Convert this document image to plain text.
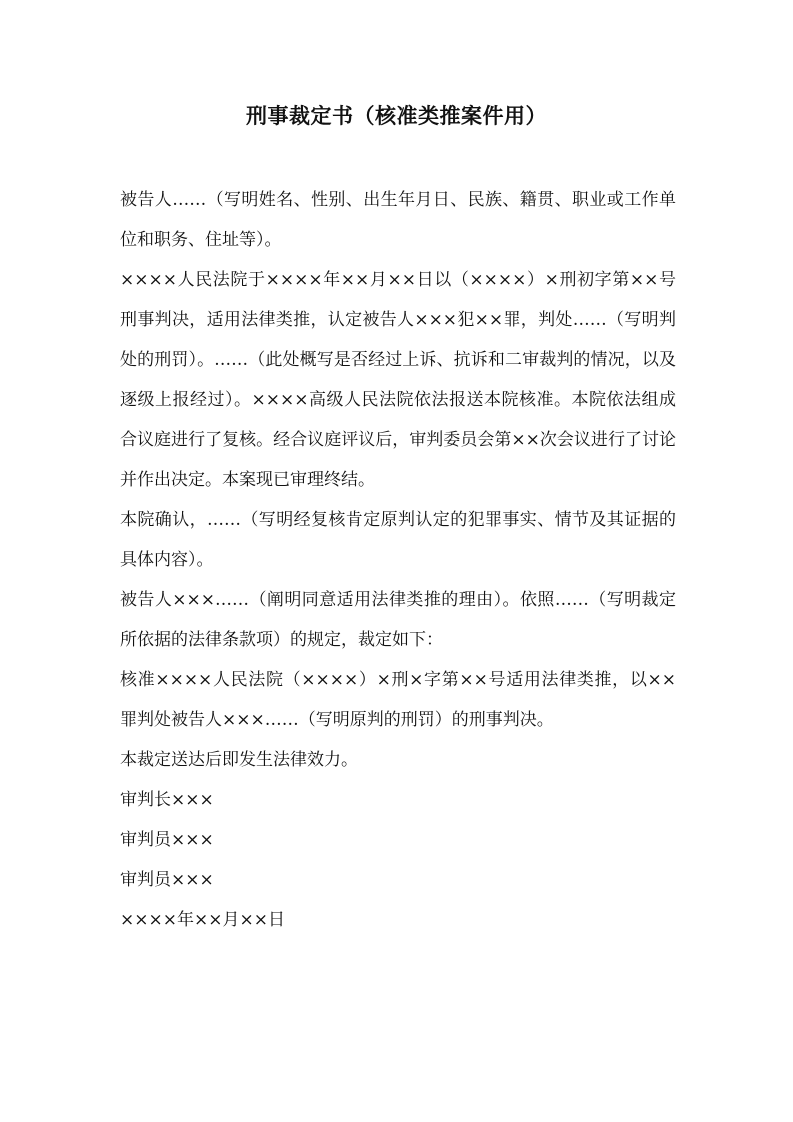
刑事裁定书（核准类推案件用）

被告人……（写明姓名、性别、出生年月日、民族、籍贯、职业或工作单位和职务、住址等）。

××××人民法院于××××年××月××日以（××××）×刑初字第××号刑事判决，适用法律类推，认定被告人×××犯××罪，判处……（写明判处的刑罚）。……（此处概写是否经过上诉、抗诉和二审裁判的情况，以及逐级上报经过）。××××高级人民法院依法报送本院核准。本院依法组成合议庭进行了复核。经合议庭评议后，审判委员会第××次会议进行了讨论并作出决定。本案现已审理终结。

本院确认，……（写明经复核肯定原判认定的犯罪事实、情节及其证据的具体内容）。

被告人×××……（阐明同意适用法律类推的理由）。依照……（写明裁定所依据的法律条款项）的规定，裁定如下：

核准××××人民法院（××××）×刑×字第××号适用法律类推，以××罪判处被告人×××……（写明原判的刑罚）的刑事判决。

本裁定送达后即发生法律效力。

审判长×××

审判员×××

审判员×××

××××年××月××日
